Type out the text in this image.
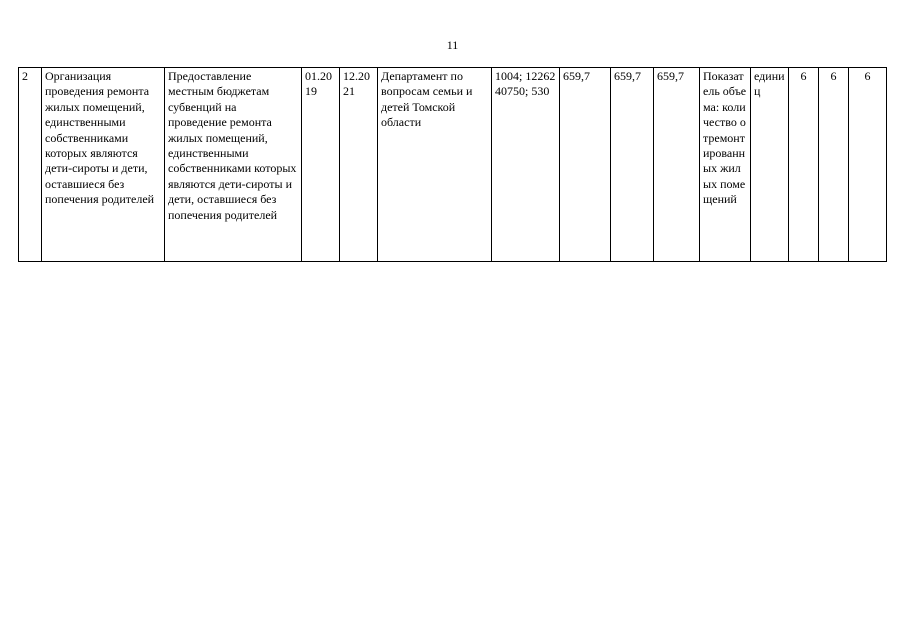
11
2	Организация проведения ремонта жилых помещений, единственными собственниками которых являются дети-сироты и дети, оставшиеся без попечения родителей	Предоставление местным бюджетам субвенций на проведение ремонта жилых помещений, единственными собственниками которых являются дети-сироты и дети, оставшиеся без попечения родителей	01.2019	12.2021	Департамент по вопросам семьи и детей Томской области	1004; 1226240750; 530	659,7	659,7	659,7	Показатель объема: количество отремонтированных жилых помещений	единиц	6	6	6
